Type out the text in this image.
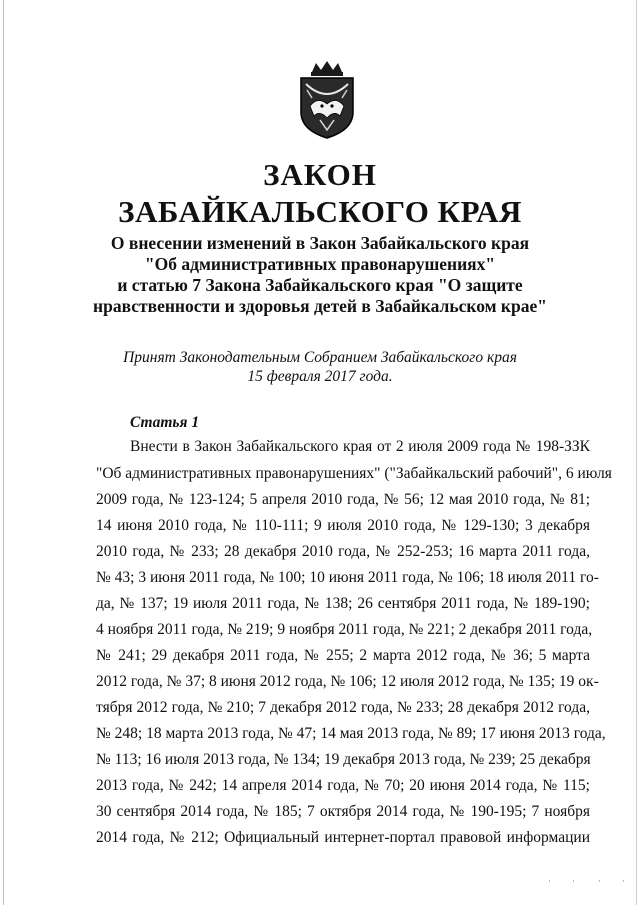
ЗАКОН
ЗАБАЙКАЛЬСКОГО КРАЯ
О внесении изменений в Закон Забайкальского края
"Об административных правонарушениях"
и статью 7 Закона Забайкальского края "О защите
нравственности и здоровья детей в Забайкальском крае"
Принят Законодательным Собранием Забайкальского края
15 февраля 2017 года.
Статья 1
Внести в Закон Забайкальского края от 2 июля 2009 года № 198-ЗЗК
"Об административных правонарушениях" ("Забайкальский рабочий", 6 июля
2009 года, № 123-124; 5 апреля 2010 года, № 56; 12 мая 2010 года, № 81;
14 июня 2010 года, № 110-111; 9 июля 2010 года, № 129-130; 3 декабря
2010 года, № 233; 28 декабря 2010 года, № 252-253; 16 марта 2011 года,
№ 43; 3 июня 2011 года, № 100; 10 июня 2011 года, № 106; 18 июля 2011 го-
да, № 137; 19 июля 2011 года, № 138; 26 сентября 2011 года, № 189-190;
4 ноября 2011 года, № 219; 9 ноября 2011 года, № 221; 2 декабря 2011 года,
№ 241; 29 декабря 2011 года, № 255; 2 марта 2012 года, № 36; 5 марта
2012 года, № 37; 8 июня 2012 года, № 106; 12 июля 2012 года, № 135; 19 ок-
тября 2012 года, № 210; 7 декабря 2012 года, № 233; 28 декабря 2012 года,
№ 248; 18 марта 2013 года, № 47; 14 мая 2013 года, № 89; 17 июня 2013 года,
№ 113; 16 июля 2013 года, № 134; 19 декабря 2013 года, № 239; 25 декабря
2013 года, № 242; 14 апреля 2014 года, № 70; 20 июня 2014 года, № 115;
30 сентября 2014 года, № 185; 7 октября 2014 года, № 190-195; 7 ноября
2014 года, № 212; Официальный интернет-портал правовой информации
· ·	· ·
